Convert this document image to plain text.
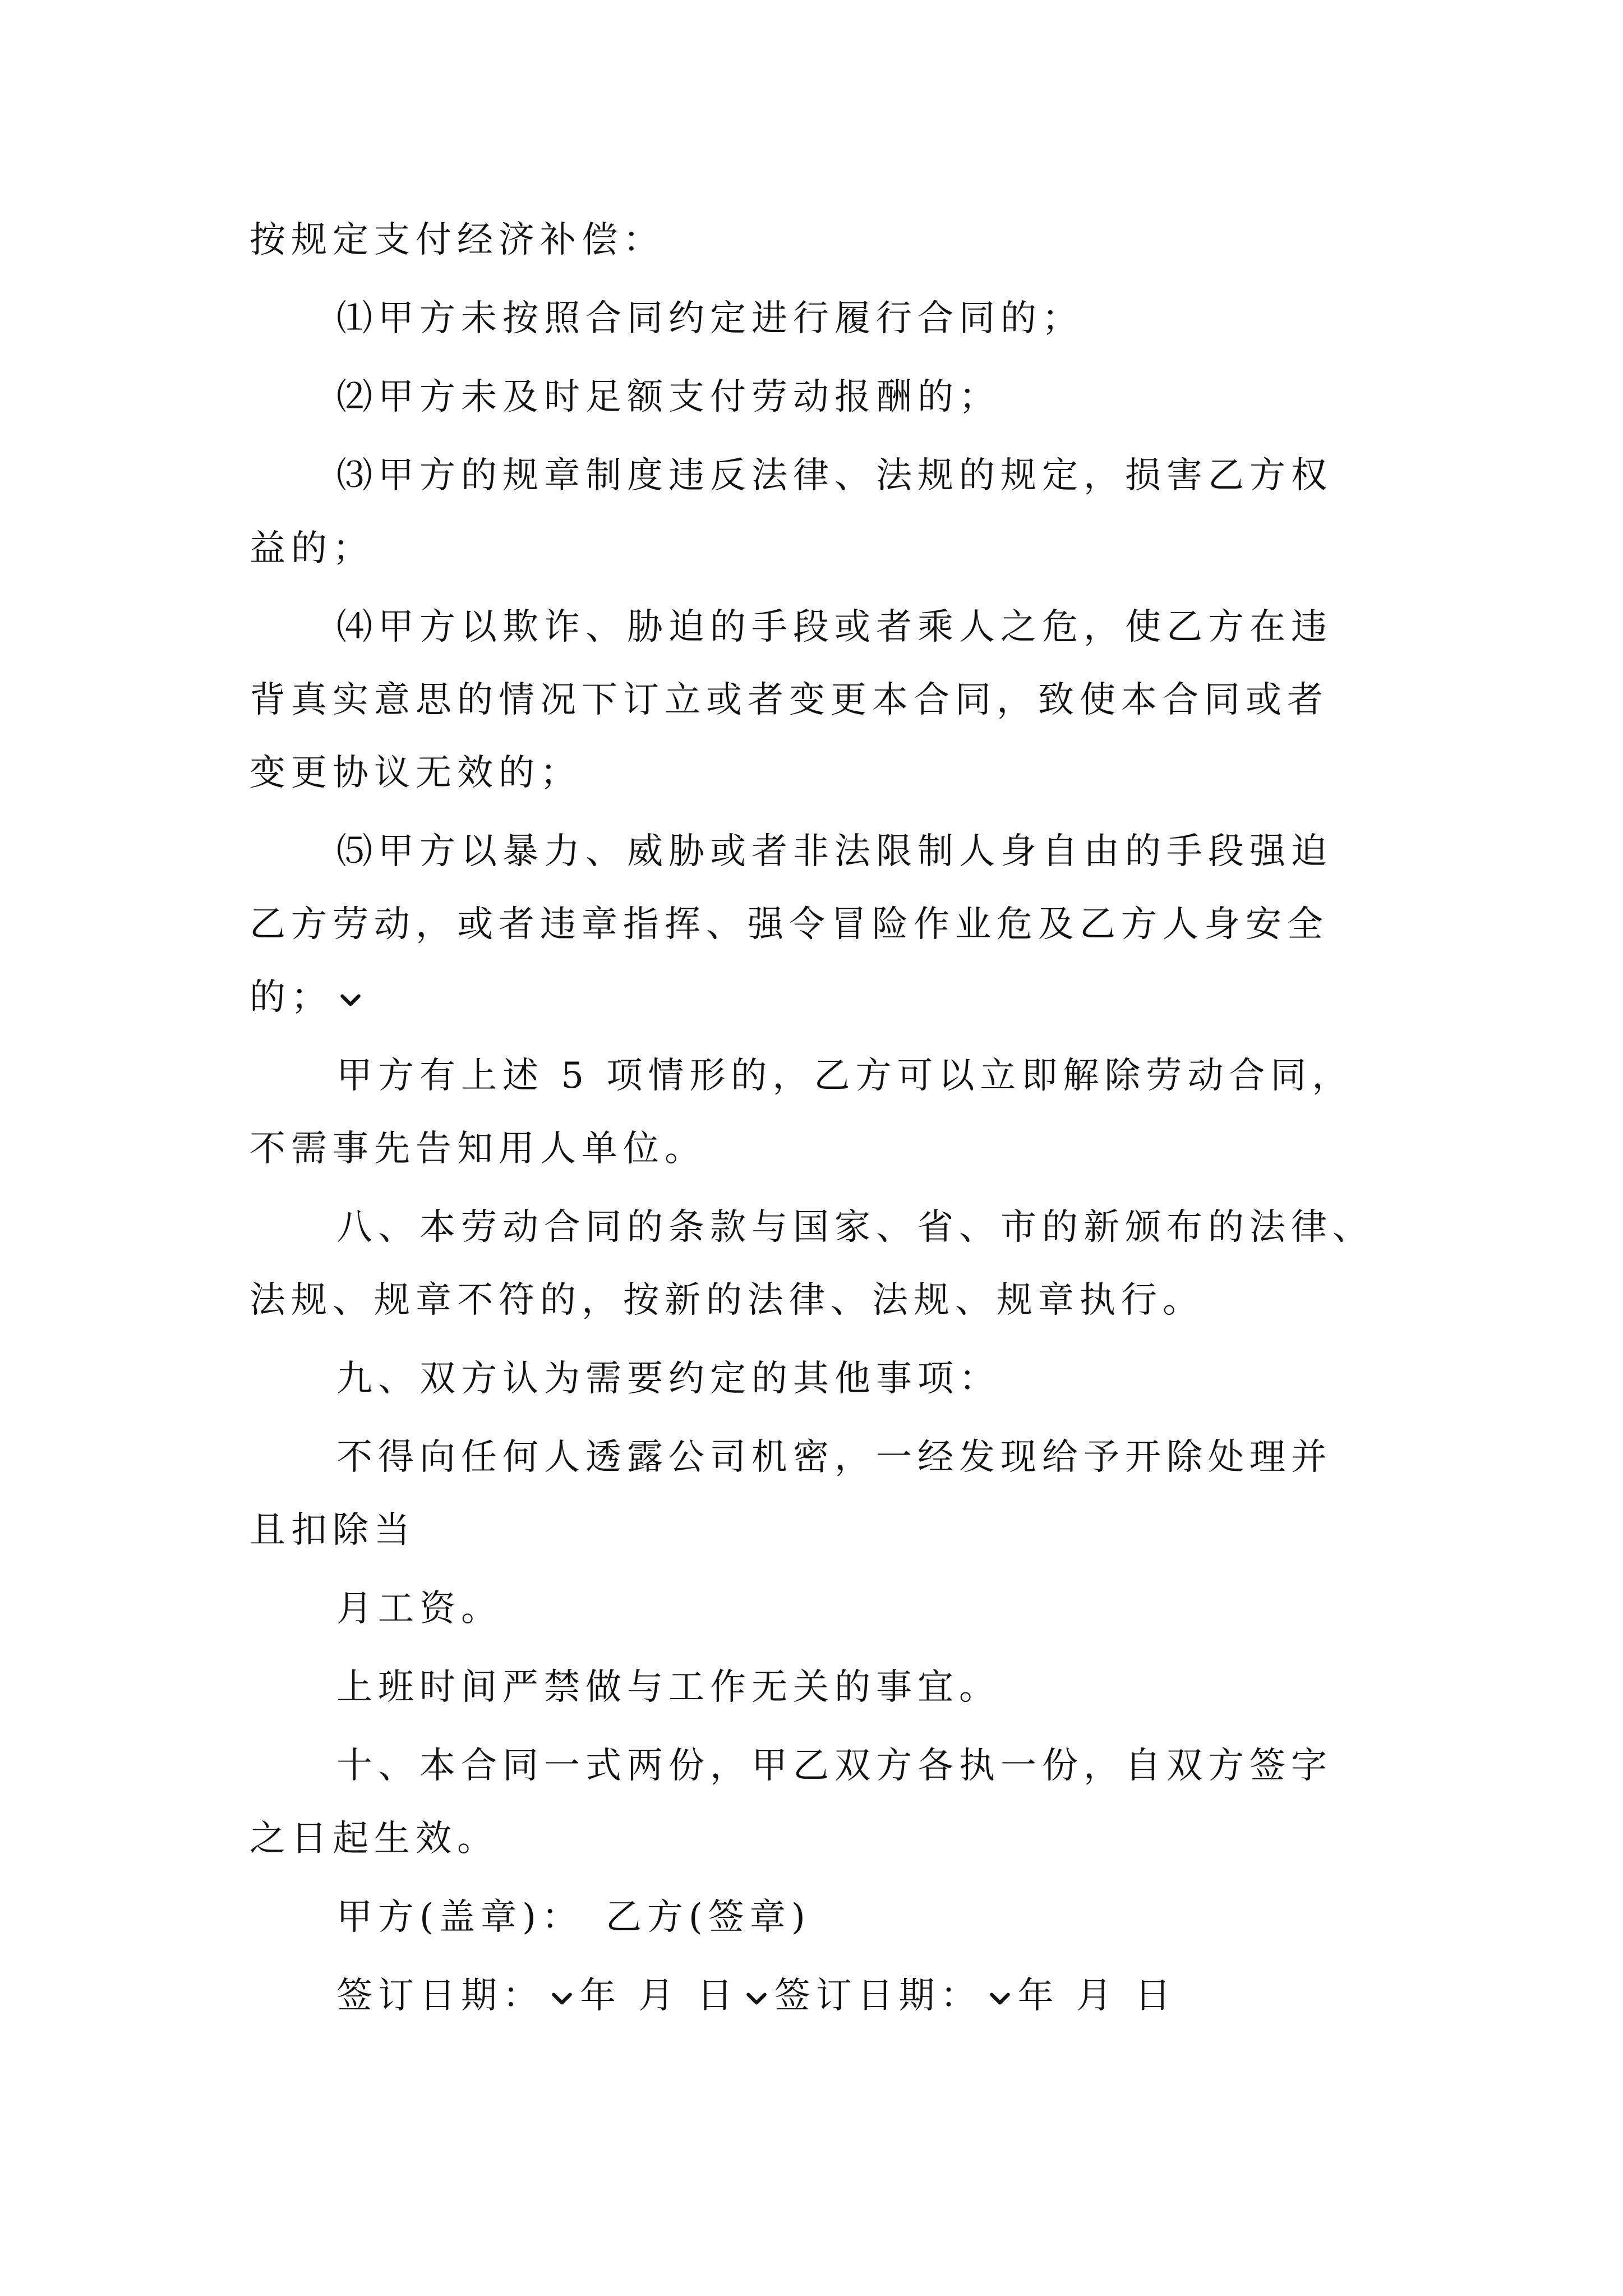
按规定支付经济补偿：
⑴甲方未按照合同约定进行履行合同的；
⑵甲方未及时足额支付劳动报酬的；
⑶甲方的规章制度违反法律、法规的规定，损害乙方权
益的；
⑷甲方以欺诈、胁迫的手段或者乘人之危，使乙方在违
背真实意思的情况下订立或者变更本合同，致使本合同或者
变更协议无效的；
⑸甲方以暴力、威胁或者非法限制人身自由的手段强迫
乙方劳动，或者违章指挥、强令冒险作业危及乙方人身安全
的；
甲方有上述 5 项情形的，乙方可以立即解除劳动合同，
不需事先告知用人单位。
八、本劳动合同的条款与国家、省、市的新颁布的法律、
法规、规章不符的，按新的法律、法规、规章执行。
九、双方认为需要约定的其他事项：
不得向任何人透露公司机密，一经发现给予开除处理并
且扣除当
月工资。
上班时间严禁做与工作无关的事宜。
十、本合同一式两份，甲乙双方各执一份，自双方签字
之日起生效。
甲方(盖章)： 乙方(签章)
签订日期： 年 月 日 签订日期： 年 月 日
